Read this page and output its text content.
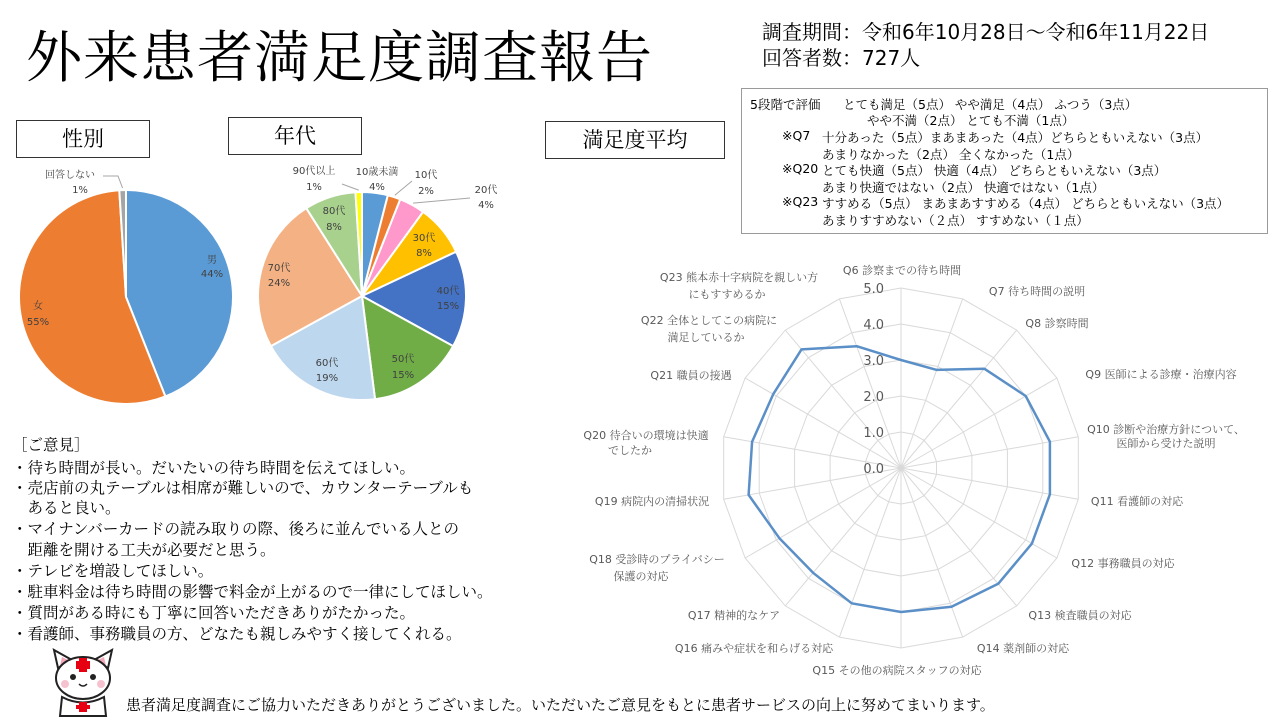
外来患者満足度調査報告	調査期間：令和6年10月28日～令和6年11月22日
回答者数：727人
性別	年代	満足度平均
5段階で評価 とても満足（5点） やや満足（4点） ふつう（3点）
やや不満（2点） とても不満（1点）
※Q7 十分あった（5点）まあまあった（4点）どちらともいえない（3点）
あまりなかった（2点） 全くなかった（1点）
※Q20 とても快適（5点） 快適（4点） どちらともいえない（3点）
あまり快適ではない（2点） 快適ではない（1点）
※Q23 すすめる（5点） まあまあすすめる（4点） どちらともいえない（3点）
あまりすすめない（２点） すすめない（１点）
男
44%
女
55%
回答しない
1%
10歳未満
4%
10代
2%	20代
4%
30代
8%
40代
15%
50代
15%
60代
19%
70代
24%
80代
8%
90代以上
1%
0.0
1.0
2.0
3.0
4.0
5.0
Q6 診察までの待ち時間
Q7 待ち時間の説明
Q8 診察時間
Q9 医師による診療・治療内容
Q10 診断や治療方針について、
医師から受けた説明
Q11 看護師の対応
Q12 事務職員の対応
Q13 検査職員の対応
Q14 薬剤師の対応
Q15 その他の病院スタッフの対応
Q16 痛みや症状を和らげる対応
Q17 精神的なケア
Q18 受診時のプライバシー
保護の対応
Q19 病院内の清掃状況
Q20 待合いの環境は快適
でしたか
Q21 職員の接遇
Q22 全体としてこの病院に
満足しているか
Q23 熊本赤十字病院を親しい方
にもすすめるか
［ご意見］
・待ち時間が長い。だいたいの待ち時間を伝えてほしい。
・売店前の丸テーブルは相席が難しいので、カウンターテーブルも
　あると良い。
・マイナンバーカードの読み取りの際、後ろに並んでいる人との
　距離を開ける工夫が必要だと思う。
・テレビを増設してほしい。
・駐車料金は待ち時間の影響で料金が上がるので一律にしてほしい。
・質問がある時にも丁寧に回答いただきありがたかった。
・看護師、事務職員の方、どなたも親しみやすく接してくれる。
患者満足度調査にご協力いただきありがとうございました。いただいたご意見をもとに患者サービスの向上に努めてまいります。
